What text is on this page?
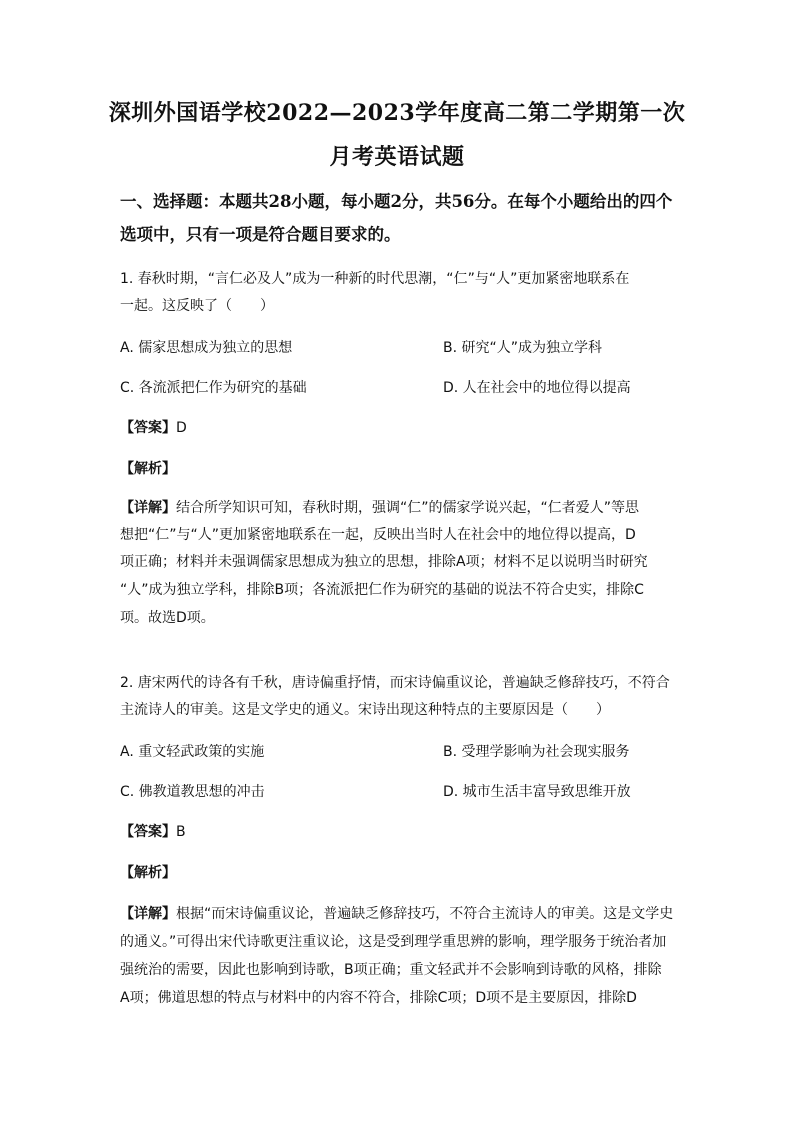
深圳外国语学校2022—2023学年度高二第二学期第一次
月考英语试题
一、选择题：本题共28小题，每小题2分，共56分。在每个小题给出的四个
选项中，只有一项是符合题目要求的。
1. 春秋时期，“言仁必及人”成为一种新的时代思潮，“仁”与“人”更加紧密地联系在
一起。这反映了（　　）
A. 儒家思想成为独立的思想	B. 研究“人”成为独立学科
C. 各流派把仁作为研究的基础	D. 人在社会中的地位得以提高
【答案】D
【解析】
【详解】结合所学知识可知，春秋时期，强调“仁”的儒家学说兴起，“仁者爱人”等思
想把“仁”与“人”更加紧密地联系在一起，反映出当时人在社会中的地位得以提高，D
项正确；材料并未强调儒家思想成为独立的思想，排除A项；材料不足以说明当时研究
“人”成为独立学科，排除B项；各流派把仁作为研究的基础的说法不符合史实，排除C
项。故选D项。
2. 唐宋两代的诗各有千秋，唐诗偏重抒情，而宋诗偏重议论，普遍缺乏修辞技巧，不符合
主流诗人的审美。这是文学史的通义。宋诗出现这种特点的主要原因是（　　）
A. 重文轻武政策的实施	B. 受理学影响为社会现实服务
C. 佛教道教思想的冲击	D. 城市生活丰富导致思维开放
【答案】B
【解析】
【详解】根据“而宋诗偏重议论，普遍缺乏修辞技巧，不符合主流诗人的审美。这是文学史
的通义。”可得出宋代诗歌更注重议论，这是受到理学重思辨的影响，理学服务于统治者加
强统治的需要，因此也影响到诗歌，B项正确；重文轻武并不会影响到诗歌的风格，排除
A项；佛道思想的特点与材料中的内容不符合，排除C项；D项不是主要原因，排除D
